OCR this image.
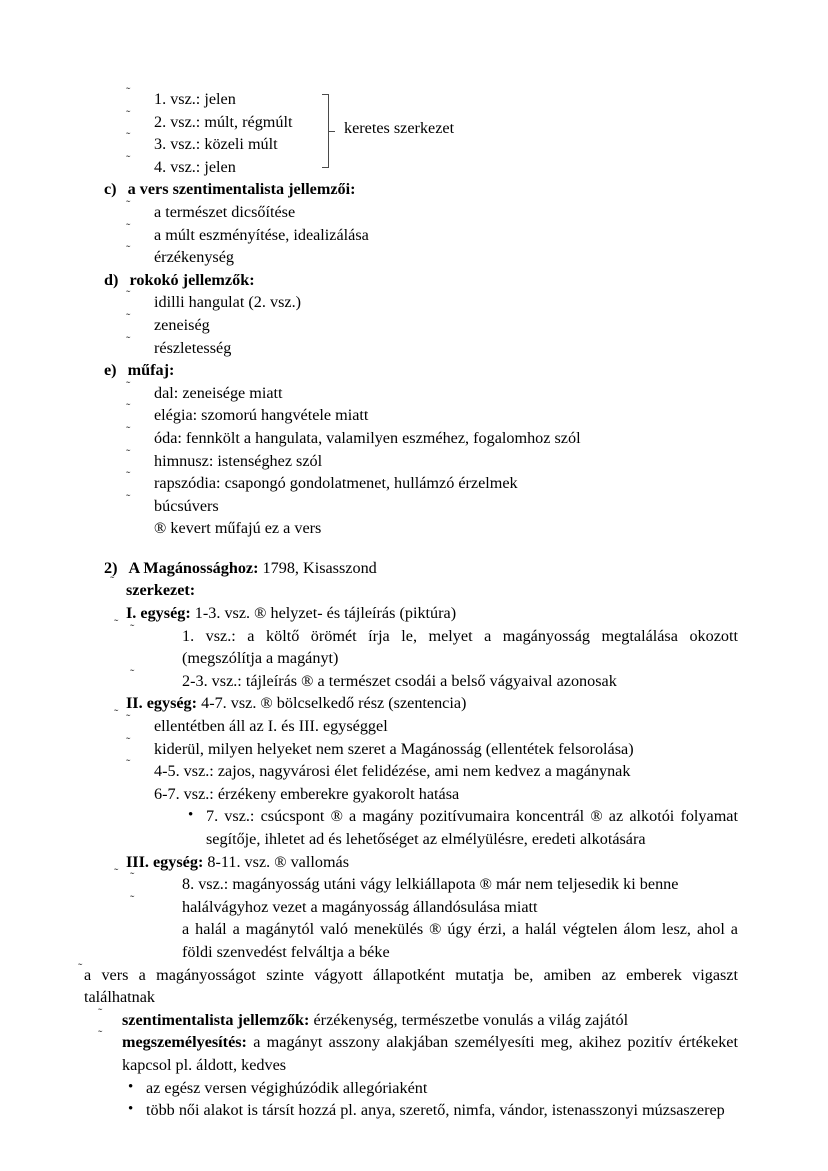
˜ 1. vsz.: jelen
˜ 2. vsz.: múlt, régmúlt
˜ 3. vsz.: közeli múlt
˜ 4. vsz.: jelen
keretes szerkezet
c) a vers szentimentalista jellemzői:
˜ a természet dicsőítése
˜ a múlt eszményítése, idealizálása
˜ érzékenység
d) rokokó jellemzők:
˜ idilli hangulat (2. vsz.)
˜ zeneiség
˜ részletesség
e) műfaj:
˜ dal: zeneisége miatt
˜ elégia: szomorú hangvétele miatt
˜ óda: fennkölt a hangulata, valamilyen eszméhez, fogalomhoz szól
˜ himnusz: istenséghez szól
˜ rapszódia: csapongó gondolatmenet, hullámzó érzelmek
˜ búcsúvers
® kevert műfajú ez a vers
˜
2) A Magánossághoz: 1798, Kisasszond
szerkezet:
˜
I. egység: 1-3. vsz. ® helyzet- és tájleírás (piktúra)
˜	1. vsz.: a költő örömét írja le, melyet a magányosság megtalálása okozott (megszólítja a magányt)
˜	2-3. vsz.: tájleírás ® a természet csodái a belső vágyaival azonosak
˜
II. egység: 4-7. vsz. ® bölcselkedő rész (szentencia)
˜ ellentétben áll az I. és III. egységgel
˜ kiderül, milyen helyeket nem szeret a Magánosság (ellentétek felsorolása)
˜ 4-5. vsz.: zajos, nagyvárosi élet felidézése, ami nem kedvez a magánynak
6-7. vsz.: érzékeny emberekre gyakorolt hatása
• 7. vsz.: csúcspont ® a magány pozitívumaira koncentrál ® az alkotói folyamat segítője, ihletet ad és lehetőséget az elmélyülésre, eredeti alkotására
˜
III. egység: 8-11. vsz. ® vallomás
˜	8. vsz.: magányosság utáni vágy lelkiállapota ® már nem teljesedik ki benne
˜	halálvágyhoz vezet a magányosság állandósulása miatt
a halál a magánytól való menekülés ® úgy érzi, a halál végtelen álom lesz, ahol a földi szenvedést felváltja a béke
˜ a vers a magányosságot szinte vágyott állapotként mutatja be, amiben az emberek vigaszt találhatnak
˜ szentimentalista jellemzők: érzékenység, természetbe vonulás a világ zajától
˜ megszemélyesítés: a magányt asszony alakjában személyesíti meg, akihez pozitív értékeket kapcsol pl. áldott, kedves
• az egész versen végighúzódik allegóriaként
• több női alakot is társít hozzá pl. anya, szerető, nimfa, vándor, istenasszonyi múzsaszerep
